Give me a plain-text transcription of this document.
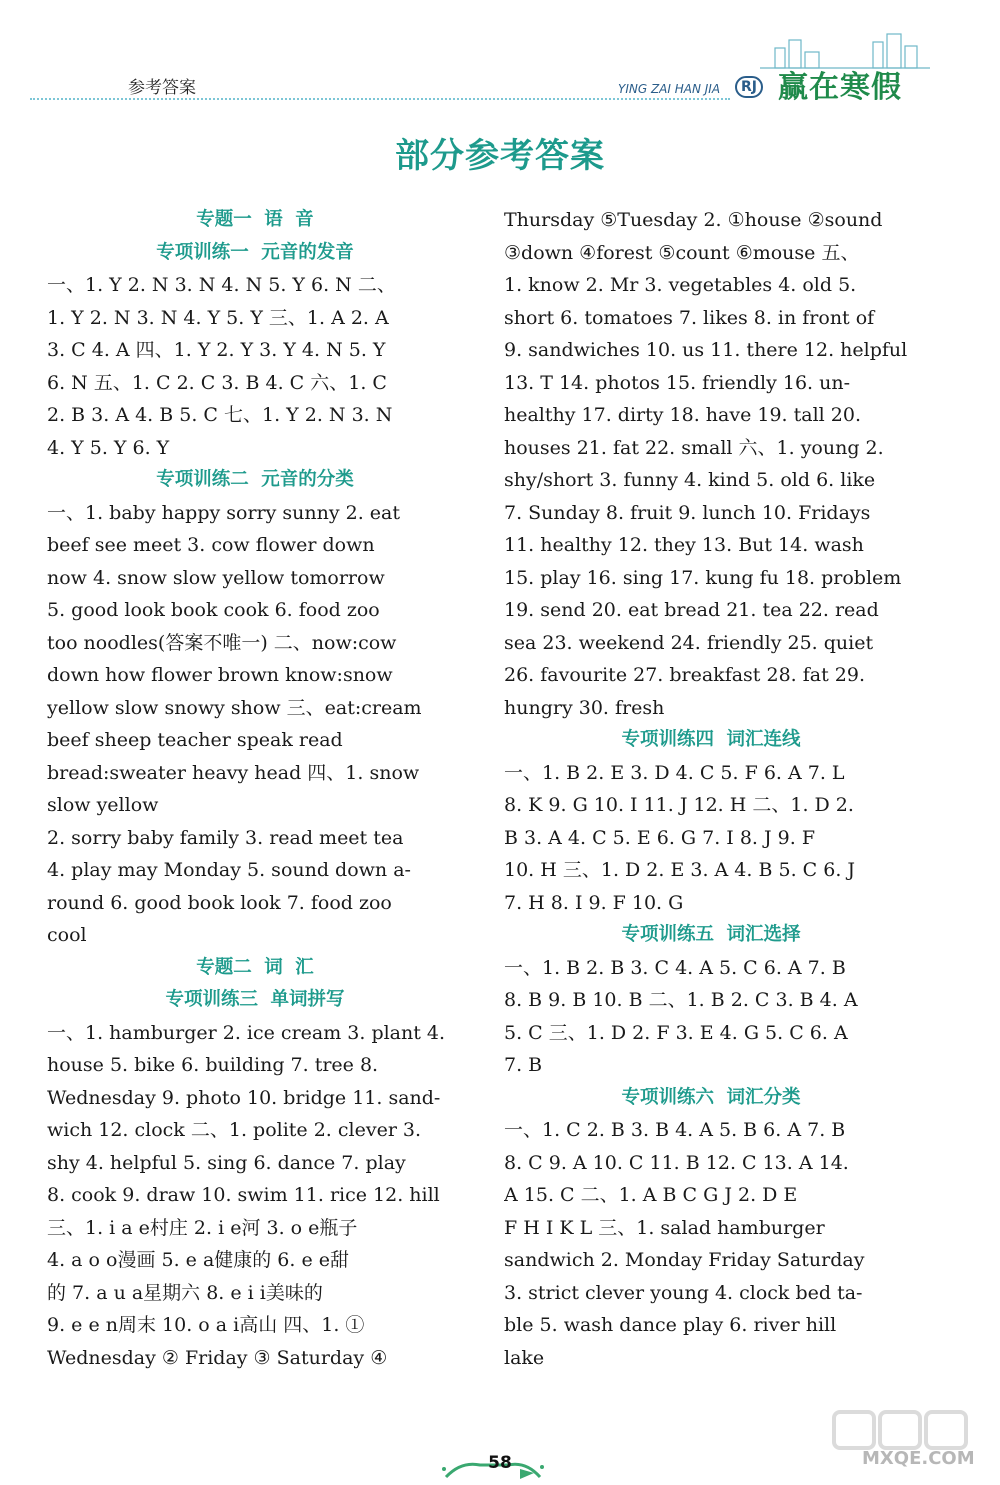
参考答案	YING ZAI HAN JIA	RJ 赢在寒假
部分参考答案
专题一 语 音
专项训练一 元音的发音
一、1. Y 2. N 3. N 4. N 5. Y 6. N 二、
1. Y 2. N 3. N 4. Y 5. Y 三、1. A 2. A
3. C 4. A 四、1. Y 2. Y 3. Y 4. N 5. Y
6. N 五、1. C 2. C 3. B 4. C 六、1. C
2. B 3. A 4. B 5. C 七、1. Y 2. N 3. N
4. Y 5. Y 6. Y
专项训练二 元音的分类
一、1. baby happy sorry sunny 2. eat
beef see meet 3. cow flower down
now 4. snow slow yellow tomorrow
5. good look book cook 6. food zoo
too noodles(答案不唯一) 二、now:cow
down how flower brown know:snow
yellow slow snowy show 三、eat:cream
beef sheep teacher speak read
bread:sweater heavy head 四、1. snow
slow yellow
2. sorry baby family 3. read meet tea
4. play may Monday 5. sound down a-
round 6. good book look 7. food zoo
cool
专题二 词 汇
专项训练三 单词拼写
一、1. hamburger 2. ice cream 3. plant 4.
house 5. bike 6. building 7. tree 8.
Wednesday 9. photo 10. bridge 11. sand-
wich 12. clock 二、1. polite 2. clever 3.
shy 4. helpful 5. sing 6. dance 7. play
8. cook 9. draw 10. swim 11. rice 12. hill
三、1. i a e村庄 2. i e河 3. o e瓶子
4. a o o漫画 5. e a健康的 6. e e甜
的 7. a u a星期六 8. e i i美味的
9. e e n周末 10. o a i高山 四、1. ①
Wednesday ② Friday ③ Saturday ④
Thursday ⑤Tuesday 2. ①house ②sound
③down ④forest ⑤count ⑥mouse 五、
1. know 2. Mr 3. vegetables 4. old 5.
short 6. tomatoes 7. likes 8. in front of
9. sandwiches 10. us 11. there 12. helpful
13. T 14. photos 15. friendly 16. un-
healthy 17. dirty 18. have 19. tall 20.
houses 21. fat 22. small 六、1. young 2.
shy/short 3. funny 4. kind 5. old 6. like
7. Sunday 8. fruit 9. lunch 10. Fridays
11. healthy 12. they 13. But 14. wash
15. play 16. sing 17. kung fu 18. problem
19. send 20. eat bread 21. tea 22. read
sea 23. weekend 24. friendly 25. quiet
26. favourite 27. breakfast 28. fat 29.
hungry 30. fresh
专项训练四 词汇连线
一、1. B 2. E 3. D 4. C 5. F 6. A 7. L
8. K 9. G 10. I 11. J 12. H 二、1. D 2.
B 3. A 4. C 5. E 6. G 7. I 8. J 9. F
10. H 三、1. D 2. E 3. A 4. B 5. C 6. J
7. H 8. I 9. F 10. G
专项训练五 词汇选择
一、1. B 2. B 3. C 4. A 5. C 6. A 7. B
8. B 9. B 10. B 二、1. B 2. C 3. B 4. A
5. C 三、1. D 2. F 3. E 4. G 5. C 6. A
7. B
专项训练六 词汇分类
一、1. C 2. B 3. B 4. A 5. B 6. A 7. B
8. C 9. A 10. C 11. B 12. C 13. A 14.
A 15. C 二、1. A B C G J 2. D E
F H I K L 三、1. salad hamburger
sandwich 2. Monday Friday Saturday
3. strict clever young 4. clock bed ta-
ble 5. wash dance play 6. river hill
lake
58	MXQE.COM
